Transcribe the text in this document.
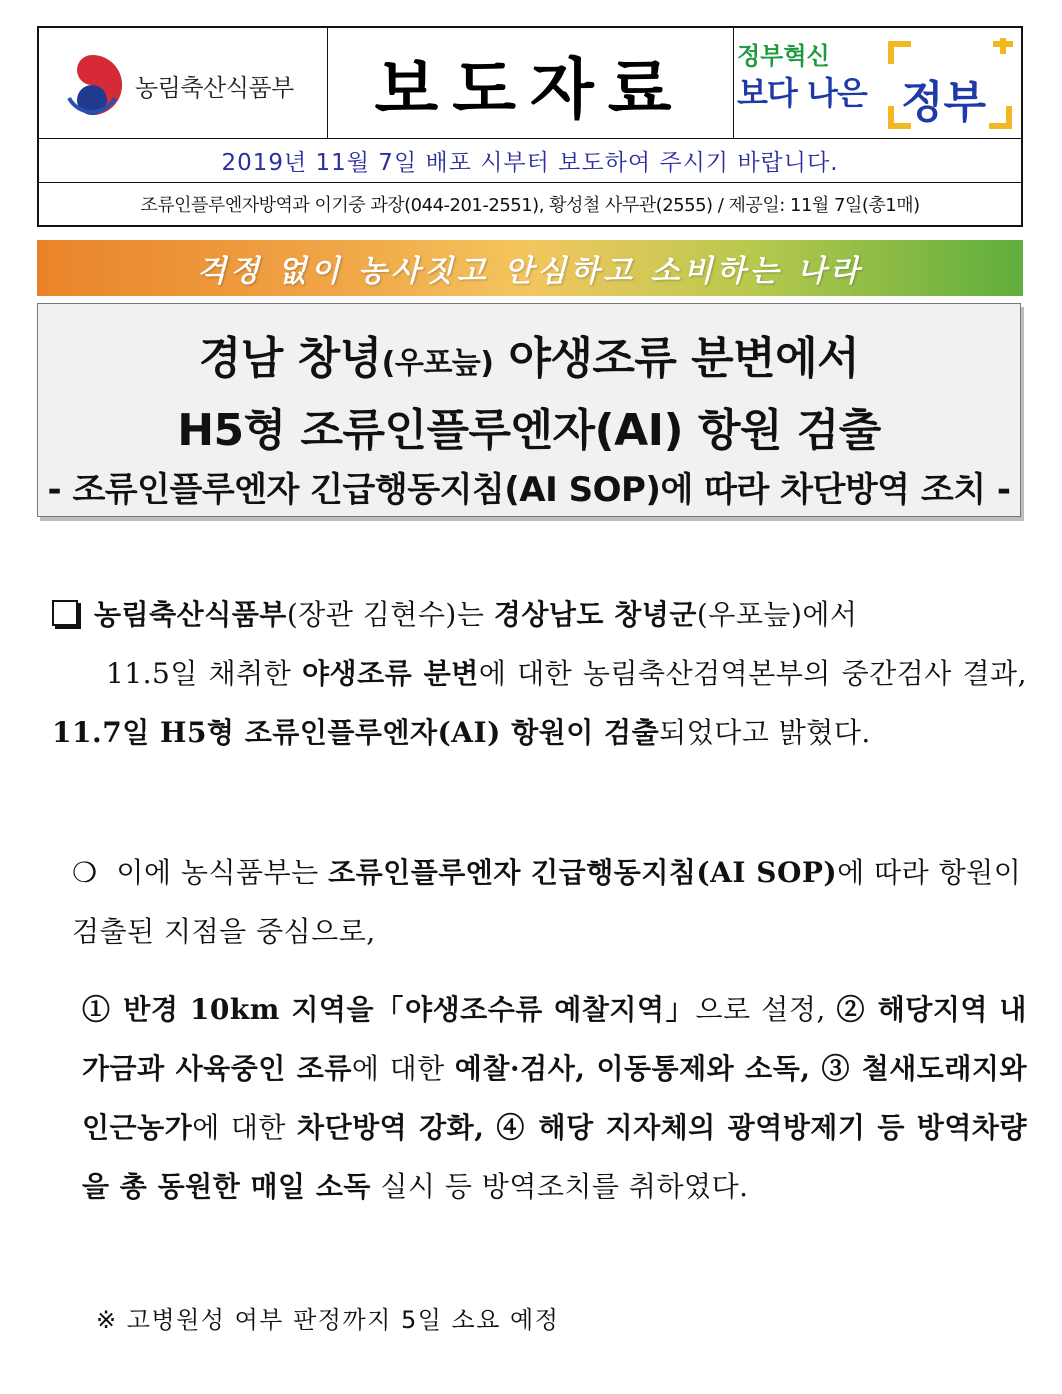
농림축산식품부 보도자료 정부혁신
보다 나은 정부
2019년 11월 7일 배포 시부터 보도하여 주시기 바랍니다.
조류인플루엔자방역과 이기중 과장(044-201-2551), 황성철 사무관(2555) / 제공일: 11월 7일(총1매)
걱정 없이 농사짓고 안심하고 소비하는 나라
경남 창녕(우포늪) 야생조류 분변에서
H5형 조류인플루엔자(AI) 항원 검출
- 조류인플루엔자 긴급행동지침(AI SOP)에 따라 차단방역 조치 -
농림축산식품부(장관 김현수)는 경상남도 창녕군(우포늪)에서
11.5일 채취한 야생조류 분변에 대한 농림축산검역본부의 중간검사 결과, 11.7일 H5형 조류인플루엔자(AI) 항원이 검출되었다고 밝혔다.
❍ 이에 농식품부는 조류인플루엔자 긴급행동지침(AI SOP)에 따라 항원이 검출된 지점을 중심으로,
① 반경 10km 지역을「야생조수류 예찰지역」으로 설정, ② 해당지역 내 가금과 사육중인 조류에 대한 예찰·검사, 이동통제와 소독, ③ 철새도래지와 인근농가에 대한 차단방역 강화, ④ 해당 지자체의 광역방제기 등 방역차량을 총 동원한 매일 소독 실시 등 방역조치를 취하였다.
※ 고병원성 여부 판정까지 5일 소요 예정
